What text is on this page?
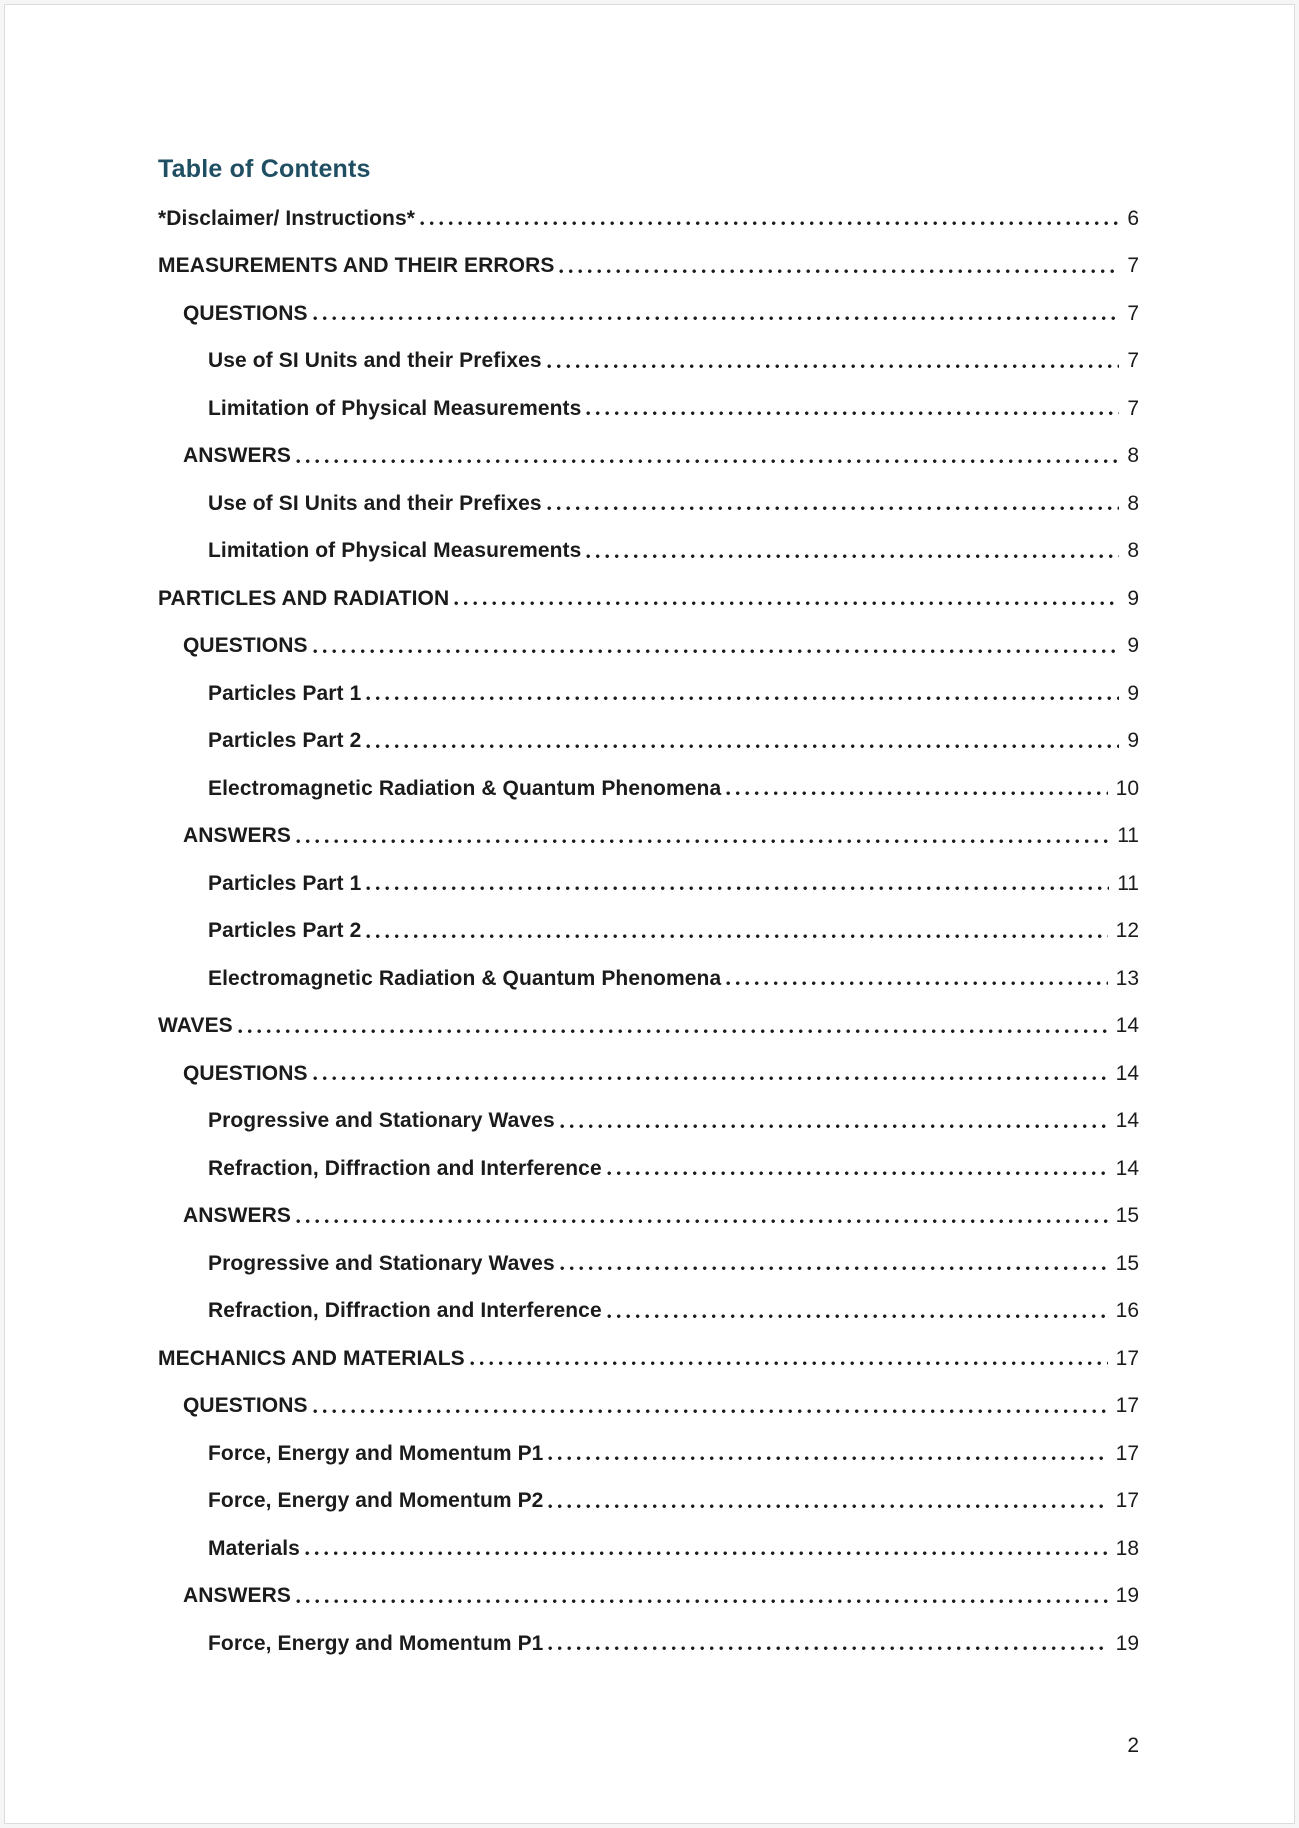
Table of Contents
*Disclaimer/ Instructions*	6
MEASUREMENTS AND THEIR ERRORS	7
QUESTIONS	7
Use of SI Units and their Prefixes	7
Limitation of Physical Measurements	7
ANSWERS	8
Use of SI Units and their Prefixes	8
Limitation of Physical Measurements	8
PARTICLES AND RADIATION	9
QUESTIONS	9
Particles Part 1	9
Particles Part 2	9
Electromagnetic Radiation & Quantum Phenomena	10
ANSWERS	11
Particles Part 1	11
Particles Part 2	12
Electromagnetic Radiation & Quantum Phenomena	13
WAVES	14
QUESTIONS	14
Progressive and Stationary Waves	14
Refraction, Diffraction and Interference	14
ANSWERS	15
Progressive and Stationary Waves	15
Refraction, Diffraction and Interference	16
MECHANICS AND MATERIALS	17
QUESTIONS	17
Force, Energy and Momentum P1	17
Force, Energy and Momentum P2	17
Materials	18
ANSWERS	19
Force, Energy and Momentum P1	19
2
